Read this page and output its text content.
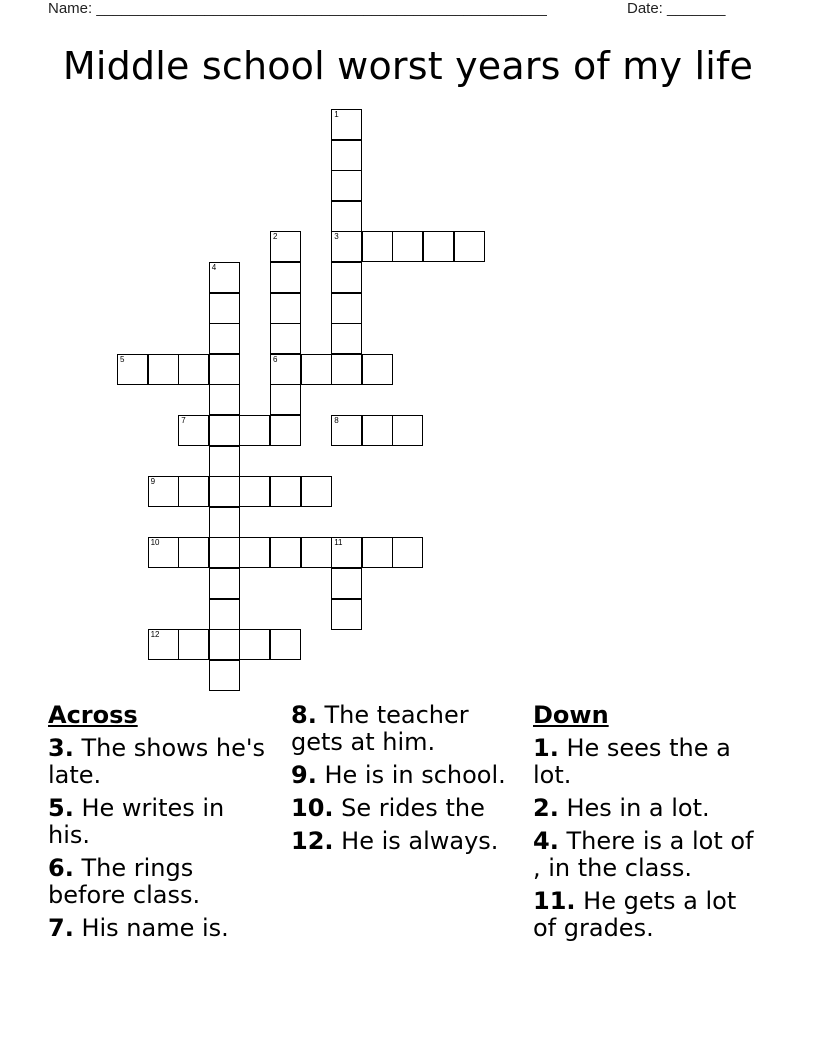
Name: ______________________________________________________	Date: _______
Middle school worst years of my life
1
3
2
6
4
5
7	8
9
10	11
12
Across
3. The shows he's late.
5. He writes in his.
6. The rings before class.
7. His name is.
8. The teacher gets at him.
9. He is in school.
10. Se rides the
12. He is always.
Down
1. He sees the a lot.
2. Hes in a lot.
4. There is a lot of , in the class.
11. He gets a lot of grades.
